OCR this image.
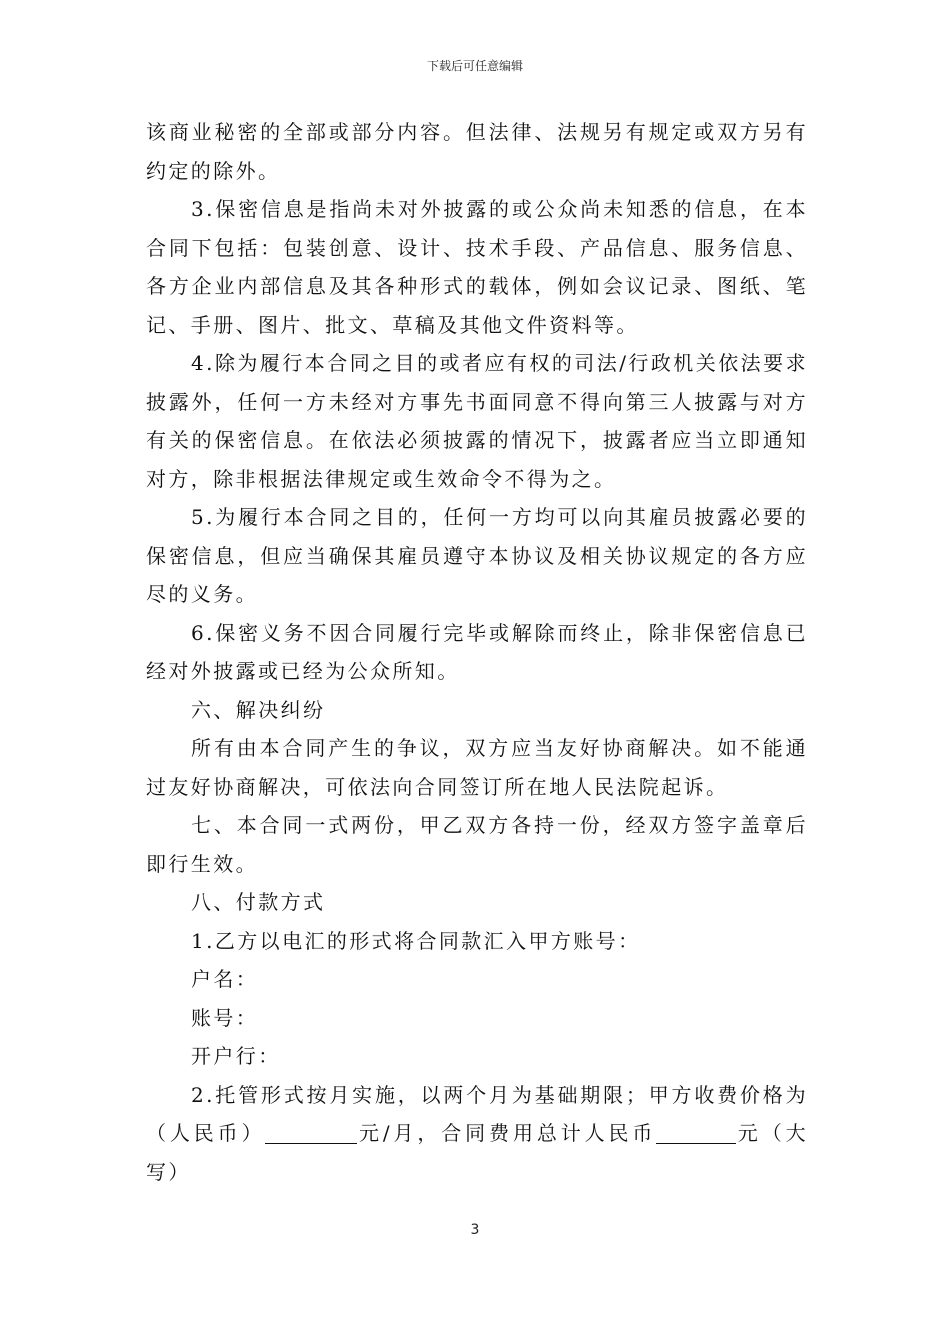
下载后可任意编辑

该商业秘密的全部或部分内容。但法律、法规另有规定或双方另有约定的除外。

3.保密信息是指尚未对外披露的或公众尚未知悉的信息，在本合同下包括：包装创意、设计、技术手段、产品信息、服务信息、各方企业内部信息及其各种形式的载体，例如会议记录、图纸、笔记、手册、图片、批文、草稿及其他文件资料等。

4.除为履行本合同之目的或者应有权的司法/行政机关依法要求披露外，任何一方未经对方事先书面同意不得向第三人披露与对方有关的保密信息。在依法必须披露的情况下，披露者应当立即通知对方，除非根据法律规定或生效命令不得为之。

5.为履行本合同之目的，任何一方均可以向其雇员披露必要的保密信息，但应当确保其雇员遵守本协议及相关协议规定的各方应尽的义务。

6.保密义务不因合同履行完毕或解除而终止，除非保密信息已经对外披露或已经为公众所知。

六、解决纠纷

所有由本合同产生的争议，双方应当友好协商解决。如不能通过友好协商解决，可依法向合同签订所在地人民法院起诉。

七、本合同一式两份，甲乙双方各持一份，经双方签字盖章后即行生效。

八、付款方式

1.乙方以电汇的形式将合同款汇入甲方账号：

户名：

账号：

开户行：

2.托管形式按月实施，以两个月为基础期限；甲方收费价格为（人民币）	元/月，合同费用总计人民币	元（大写）

3
